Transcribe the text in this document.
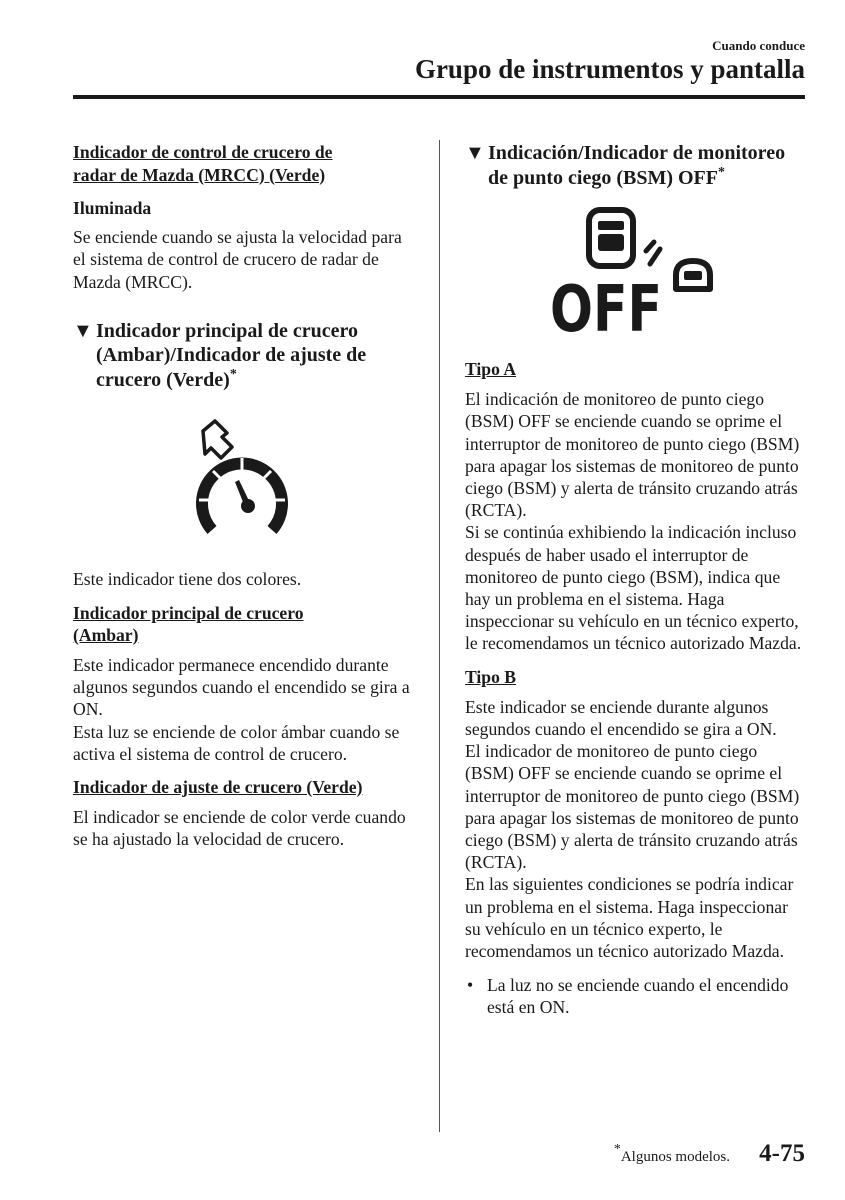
Cuando conduce
Grupo de instrumentos y pantalla

Indicador de control de crucero de radar de Mazda (MRCC) (Verde)

Iluminada

Se enciende cuando se ajusta la velocidad para el sistema de control de crucero de radar de Mazda (MRCC).

▼ Indicador principal de crucero
(Ambar)/Indicador de ajuste de
crucero (Verde)*

Este indicador tiene dos colores.

Indicador principal de crucero (Ambar)

Este indicador permanece encendido durante algunos segundos cuando el encendido se gira a ON.

Esta luz se enciende de color ámbar cuando se activa el sistema de control de crucero.

Indicador de ajuste de crucero (Verde)

El indicador se enciende de color verde cuando se ha ajustado la velocidad de crucero.

▼ Indicación/Indicador de monitoreo
de punto ciego (BSM) OFF*
OFF

Tipo A

El indicación de monitoreo de punto ciego (BSM) OFF se enciende cuando se oprime el interruptor de monitoreo de punto ciego (BSM) para apagar los sistemas de monitoreo de punto ciego (BSM) y alerta de tránsito cruzando atrás (RCTA).

Si se continúa exhibiendo la indicación incluso después de haber usado el interruptor de monitoreo de punto ciego (BSM), indica que hay un problema en el sistema. Haga inspeccionar su vehículo en un técnico experto, le recomendamos un técnico autorizado Mazda.

Tipo B

Este indicador se enciende durante algunos segundos cuando el encendido se gira a ON.

El indicador de monitoreo de punto ciego (BSM) OFF se enciende cuando se oprime el interruptor de monitoreo de punto ciego (BSM) para apagar los sistemas de monitoreo de punto ciego (BSM) y alerta de tránsito cruzando atrás (RCTA).

En las siguientes condiciones se podría indicar un problema en el sistema. Haga inspeccionar su vehículo en un técnico experto, le recomendamos un técnico autorizado Mazda.

• La luz no se enciende cuando el encendido está en ON.
*Algunos modelos. 4-75
